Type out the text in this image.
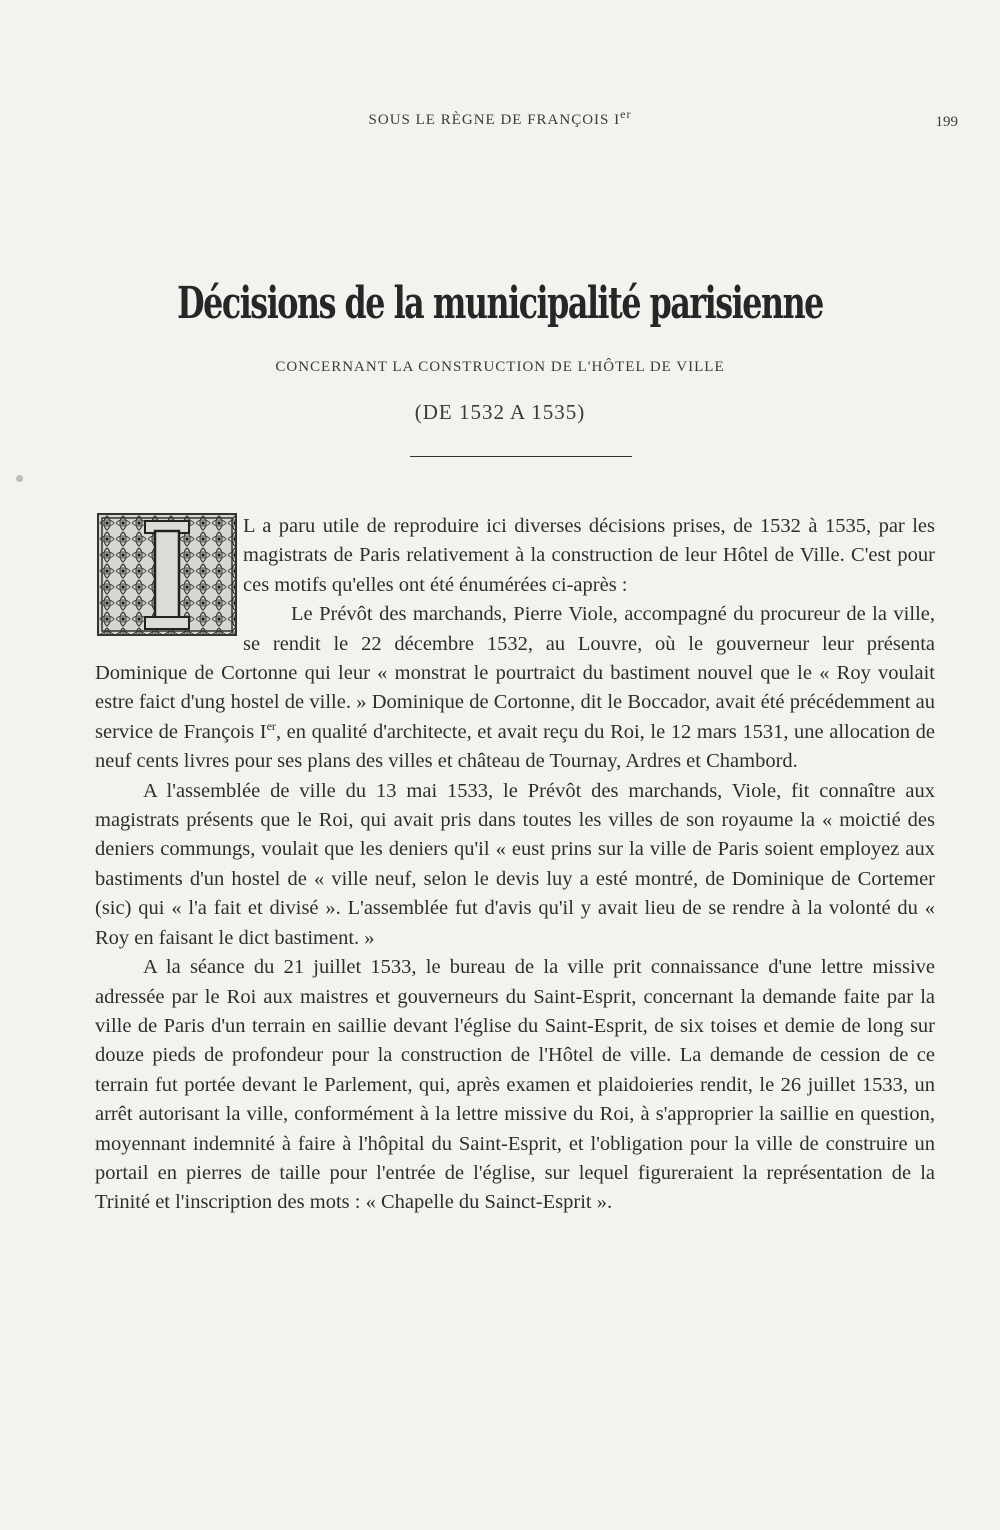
SOUS LE RÈGNE DE FRANÇOIS Ier	199
Décisions de la municipalité parisienne
CONCERNANT LA CONSTRUCTION DE L'HÔTEL DE VILLE
(DE 1532 A 1535)

L a paru utile de reproduire ici diverses décisions prises, de 1532 à 1535, par les magistrats de Paris relativement à la construction de leur Hôtel de Ville. C'est pour ces motifs qu'elles ont été énumérées ci-après :

Le Prévôt des marchands, Pierre Viole, accompagné du procureur de la ville, se rendit le 22 décembre 1532, au Louvre, où le gouverneur leur présenta Dominique de Cortonne qui leur « monstrat le pourtraict du bastiment nouvel que le « Roy voulait estre faict d'ung hostel de ville. » Dominique de Cortonne, dit le Boccador, avait été précédemment au service de François Ier, en qualité d'architecte, et avait reçu du Roi, le 12 mars 1531, une allocation de neuf cents livres pour ses plans des villes et château de Tournay, Ardres et Chambord.

A l'assemblée de ville du 13 mai 1533, le Prévôt des marchands, Viole, fit connaître aux magistrats présents que le Roi, qui avait pris dans toutes les villes de son royaume la « moictié des deniers commungs, voulait que les deniers qu'il « eust prins sur la ville de Paris soient employez aux bastiments d'un hostel de « ville neuf, selon le devis luy a esté montré, de Dominique de Cortemer (sic) qui « l'a fait et divisé ». L'assemblée fut d'avis qu'il y avait lieu de se rendre à la volonté du « Roy en faisant le dict bastiment. »

A la séance du 21 juillet 1533, le bureau de la ville prit connaissance d'une lettre missive adressée par le Roi aux maistres et gouverneurs du Saint-Esprit, concernant la demande faite par la ville de Paris d'un terrain en saillie devant l'église du Saint-Esprit, de six toises et demie de long sur douze pieds de profondeur pour la construction de l'Hôtel de ville. La demande de cession de ce terrain fut portée devant le Parlement, qui, après examen et plaidoieries rendit, le 26 juillet 1533, un arrêt autorisant la ville, conformément à la lettre missive du Roi, à s'approprier la saillie en question, moyennant indemnité à faire à l'hôpital du Saint-Esprit, et l'obligation pour la ville de construire un portail en pierres de taille pour l'entrée de l'église, sur lequel figureraient la représentation de la Trinité et l'inscription des mots : « Chapelle du Sainct-Esprit ».
